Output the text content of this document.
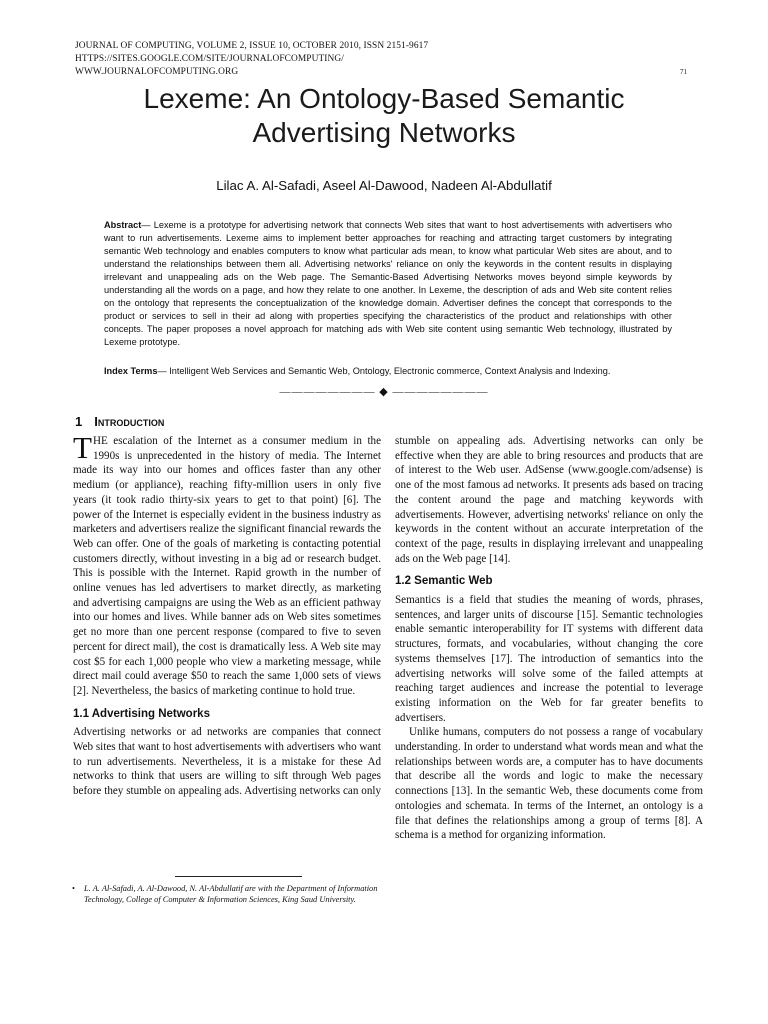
JOURNAL OF COMPUTING, VOLUME 2, ISSUE 10, OCTOBER 2010, ISSN 2151-9617
HTTPS://SITES.GOOGLE.COM/SITE/JOURNALOFCOMPUTING/
WWW.JOURNALOFCOMPUTING.ORG	71
Lexeme: An Ontology-Based Semantic
Advertising Networks
Lilac A. Al-Safadi, Aseel Al-Dawood, Nadeen Al-Abdullatif
Abstract— Lexeme is a prototype for advertising network that connects Web sites that want to host advertisements with advertisers who want to run advertisements. Lexeme aims to implement better approaches for reaching and attracting target customers by integrating semantic Web technology and enables computers to know what particular ads mean, to know what particular Web sites are about, and to understand the relationships between them all. Advertising networks' reliance on only the keywords in the content results in displaying irrelevant and unappealing ads on the Web page. The Semantic-Based Advertising Networks moves beyond simple keywords by understanding all the words on a page, and how they relate to one another. In Lexeme, the description of ads and Web site content relies on the ontology that represents the conceptualization of the knowledge domain. Advertiser defines the concept that corresponds to the product or services to sell in their ad along with properties specifying the characteristics of the product and relationships with other concepts. The paper proposes a novel approach for matching ads with Web site content using semantic Web technology, illustrated by Lexeme prototype.
Index Terms— Intelligent Web Services and Semantic Web, Ontology, Electronic commerce, Context Analysis and Indexing.
———————— ◆ ————————
1 Introduction

THE escalation of the Internet as a consumer medium in the 1990s is unprecedented in the history of media. The Internet made its way into our homes and offices faster than any other medium (or appliance), reaching fifty-million users in only five years (it took radio thirty-six years to get to that point) [6]. The power of the Internet is especially evident in the business industry as marketers and advertisers realize the significant financial rewards the Web can offer. One of the goals of marketing is contacting potential customers directly, without investing in a big ad or research budget. This is possible with the Internet. Rapid growth in the number of online venues has led advertisers to market directly, as marketing and advertising campaigns are using the Web as an efficient pathway into our homes and lives. While banner ads on Web sites sometimes get no more than one percent response (compared to five to seven percent for direct mail), the cost is dramatically less. A Web site may cost $5 for each 1,000 people who view a marketing message, while direct mail could average $50 to reach the same 1,000 sets of views [2]. Nevertheless, the basics of marketing continue to hold true.

1.1 Advertising Networks

Advertising networks or ad networks are companies that connect Web sites that want to host advertisements with advertisers who want to run advertisements. Nevertheless, it is a mistake for these Ad networks to think that users are willing to sift through Web pages before they stumble on appealing ads. Advertising networks can only

stumble on appealing ads. Advertising networks can only be effective when they are able to bring resources and products that are of interest to the Web user. AdSense (www.google.com/adsense) is one of the most famous ad networks. It presents ads based on tracing the content around the page and matching keywords with advertisements. However, advertising networks' reliance on only the keywords in the content without an accurate interpretation of the context of the page, results in displaying irrelevant and unappealing ads on the Web page [14].

1.2 Semantic Web

Semantics is a field that studies the meaning of words, phrases, sentences, and larger units of discourse [15]. Semantic technologies enable semantic interoperability for IT systems with different data structures, formats, and vocabularies, without changing the core systems themselves [17]. The introduction of semantics into the advertising networks will solve some of the failed attempts at reaching target audiences and increase the potential to leverage existing information on the Web for far greater benefits to advertisers.

Unlike humans, computers do not possess a range of vocabulary understanding. In order to understand what words mean and what the relationships between words are, a computer has to have documents that describe all the words and logic to make the necessary connections [13]. In the semantic Web, these documents come from ontologies and schemata. In terms of the Internet, an ontology is a file that defines the relationships among a group of terms [8]. A schema is a method for organizing information.

• L. A. Al-Safadi, A. Al-Dawood, N. Al-Abdullatif are with the Department of Information Technology, College of Computer & Information Sciences, King Saud University.
